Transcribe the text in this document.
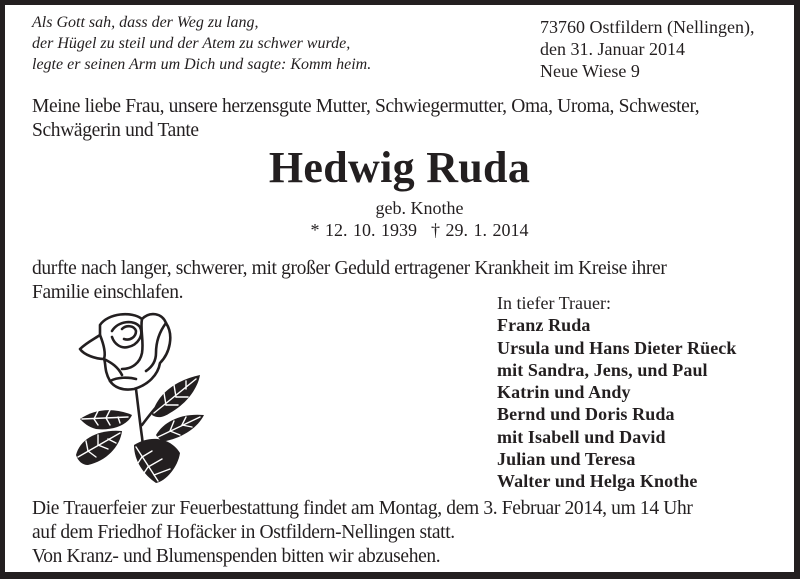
Als Gott sah, dass der Weg zu lang,
der Hügel zu steil und der Atem zu schwer wurde,
legte er seinen Arm um Dich und sagte: Komm heim.
73760 Ostfildern (Nellingen),
den 31. Januar 2014
Neue Wiese 9
Meine liebe Frau, unsere herzensgute Mutter, Schwiegermutter, Oma, Uroma, Schwester,
Schwägerin und Tante
Hedwig Ruda
geb. Knothe
* 12. 10. 1939 † 29. 1. 2014
durfte nach langer, schwerer, mit großer Geduld ertragener Krankheit im Kreise ihrer
Familie einschlafen.	In tiefer Trauer:
Franz Ruda
Ursula und Hans Dieter Rüeck
mit Sandra, Jens, und Paul
Katrin und Andy
Bernd und Doris Ruda
mit Isabell und David
Julian und Teresa
Walter und Helga Knothe
Die Trauerfeier zur Feuerbestattung findet am Montag, dem 3. Februar 2014, um 14 Uhr
auf dem Friedhof Hofäcker in Ostfildern-Nellingen statt.
Von Kranz- und Blumenspenden bitten wir abzusehen.
